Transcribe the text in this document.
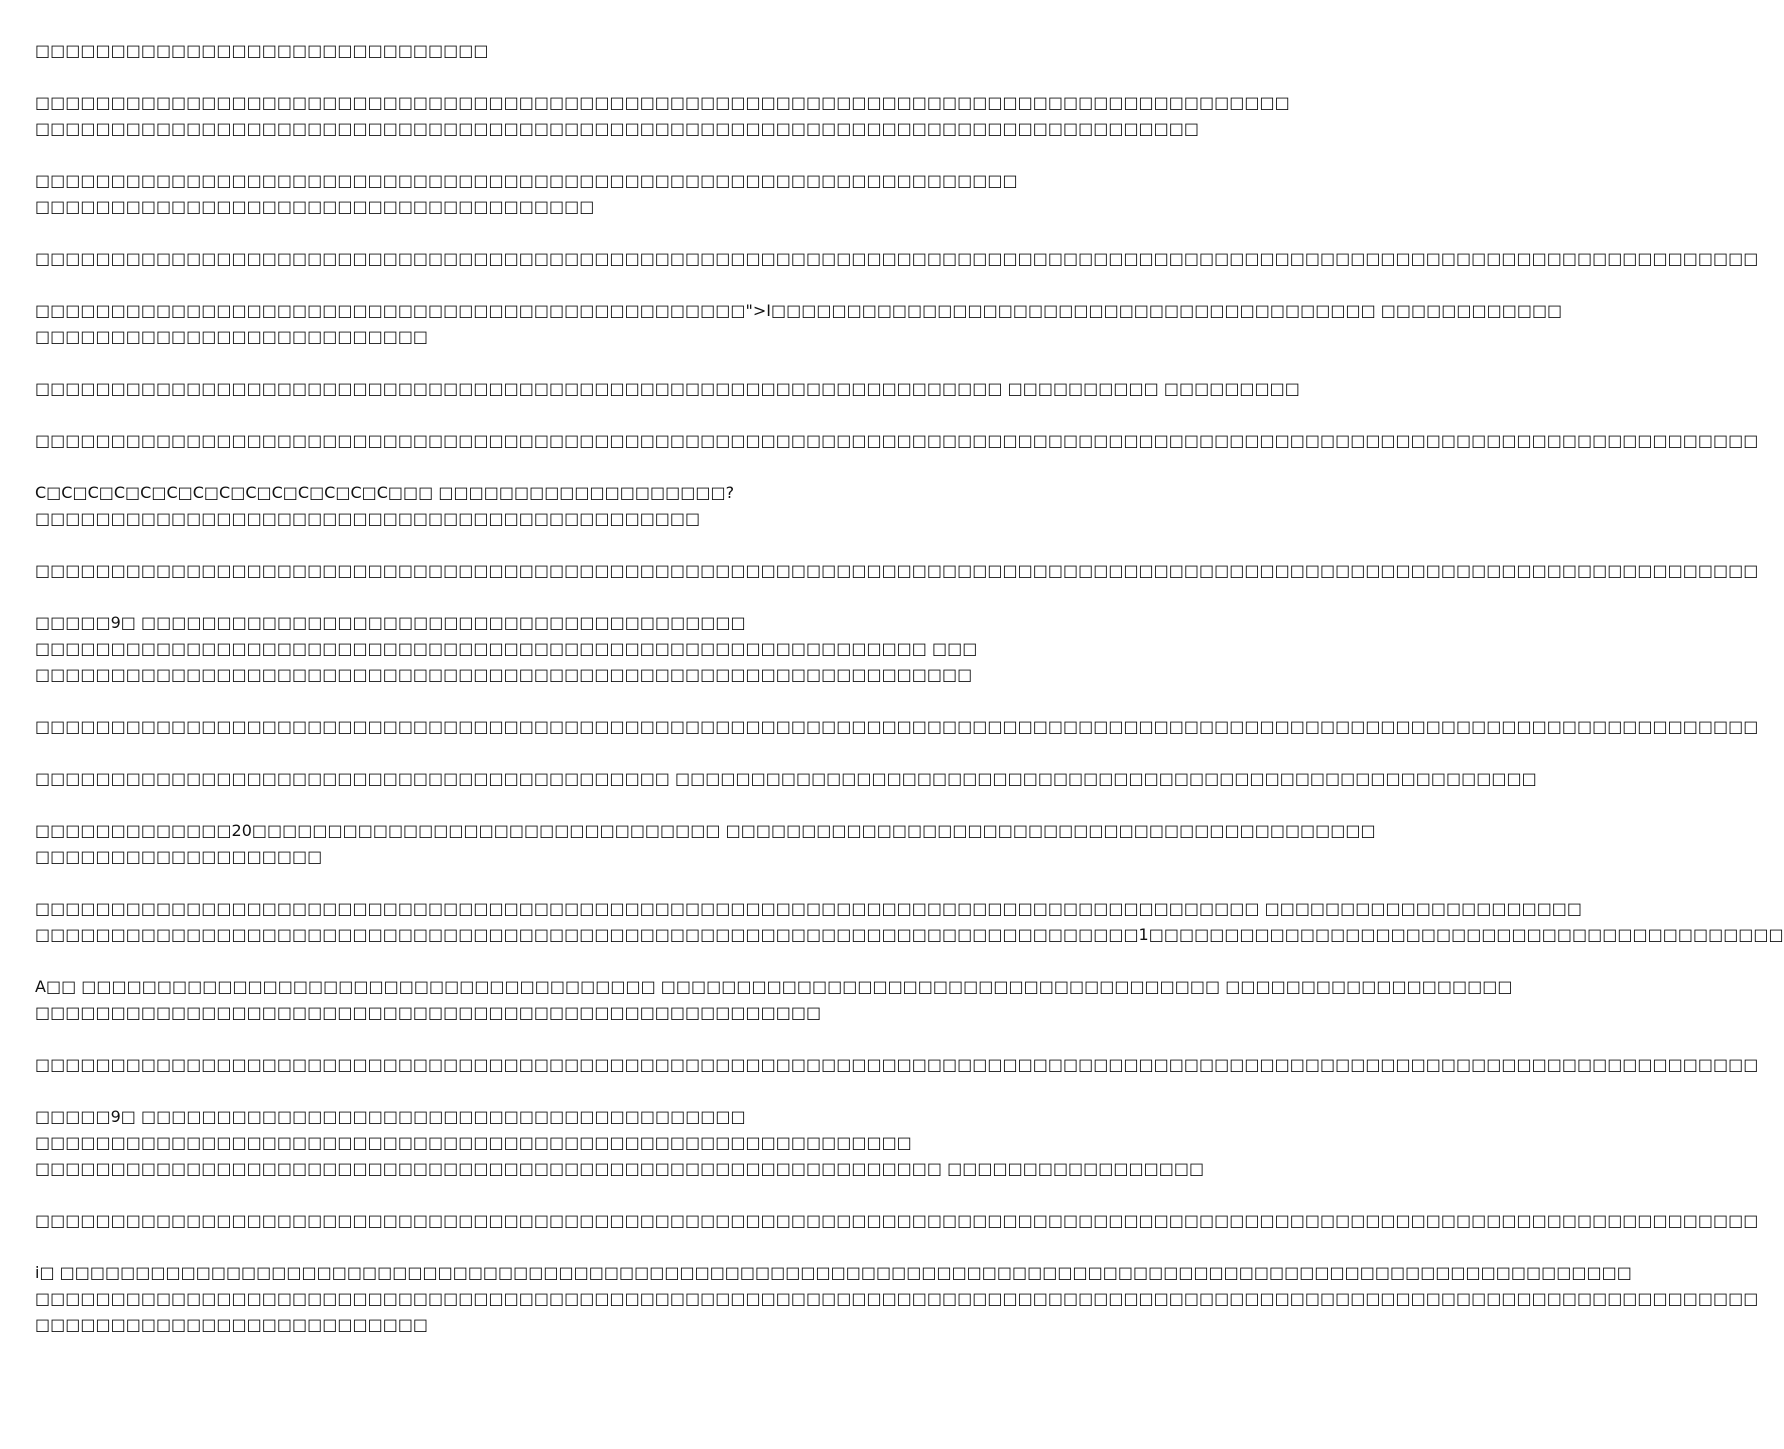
□□□□□□□□□□□□□□□□□□□□□□□□□□□□□□
□□□□□□□□□□□□□□□□□□□□□□□□□□□□□□□□□□□□□□□□□□□□□□□□□□□□□□□□□□□□□□□□□□□□□□□□□□□□□□□□□□□
□□□□□□□□□□□□□□□□□□□□□□□□□□□□□□□□□□□□□□□□□□□□□□□□□□□□□□□□□□□□□□□□□□□□□□□□□□□□□
□□□□□□□□□□□□□□□□□□□□□□□□□□□□□□□□□□□□□□□□□□□□□□□□□□□□□□□□□□□□□□□□□
□□□□□□□□□□□□□□□□□□□□□□□□□□□□□□□□□□□□□
□□□□□□□□□□□□□□□□□□□□□□□□□□□□□□□□□□□□□□□□□□□□□□□□□□□□□□□□□□□□□□□□□□□□□□□□□□□□□□□□□□□□□□□□□□□□□□□□□□□□□□□□□□□□□□□□□□
□□□□□□□□□□□□□□□□□□□□□□□□□□□□□□□□□□□□□□□□□□□□□□□">I□□□□□□□□□□□□□□□□□□□□□□□□□□□□□□□□□□□□□□□□ □□□□□□□□□□□□
□□□□□□□□□□□□□□□□□□□□□□□□□□
□□□□□□□□□□□□□□□□□□□□□□□□□□□□□□□□□□□□□□□□□□□□□□□□□□□□□□□□□□□□□□□□ □□□□□□□□□□ □□□□□□□□□
□□□□□□□□□□□□□□□□□□□□□□□□□□□□□□□□□□□□□□□□□□□□□□□□□□□□□□□□□□□□□□□□□□□□□□□□□□□□□□□□□□□□□□□□□□□□□□□□□□□□□□□□□□□□□□□□□□
C□C□C□C□C□C□C□C□C□C□C□C□C□C□□□ □□□□□□□□□□□□□□□□□□□?
□□□□□□□□□□□□□□□□□□□□□□□□□□□□□□□□□□□□□□□□□□□□
□□□□□□□□□□□□□□□□□□□□□□□□□□□□□□□□□□□□□□□□□□□□□□□□□□□□□□□□□□□□□□□□□□□□□□□□□□□□□□□□□□□□□□□□□□□□□□□□□□□□□□□□□□□□□□□□□□
□□□□□9□ □□□□□□□□□□□□□□□□□□□□□□□□□□□□□□□□□□□□□□□□
□□□□□□□□□□□□□□□□□□□□□□□□□□□□□□□□□□□□□□□□□□□□□□□□□□□□□□□□□□□ □□□
□□□□□□□□□□□□□□□□□□□□□□□□□□□□□□□□□□□□□□□□□□□□□□□□□□□□□□□□□□□□□□
□□□□□□□□□□□□□□□□□□□□□□□□□□□□□□□□□□□□□□□□□□□□□□□□□□□□□□□□□□□□□□□□□□□□□□□□□□□□□□□□□□□□□□□□□□□□□□□□□□□□□□□□□□□□□□□□□□
□□□□□□□□□□□□□□□□□□□□□□□□□□□□□□□□□□□□□□□□□□ □□□□□□□□□□□□□□□□□□□□□□□□□□□□□□□□□□□□□□□□□□□□□□□□□□□□□□□□□
□□□□□□□□□□□□□20□□□□□□□□□□□□□□□□□□□□□□□□□□□□□□□ □□□□□□□□□□□□□□□□□□□□□□□□□□□□□□□□□□□□□□□□□□□
□□□□□□□□□□□□□□□□□□□
□□□□□□□□□□□□□□□□□□□□□□□□□□□□□□□□□□□□□□□□□□□□□□□□□□□□□□□□□□□□□□□□□□□□□□□□□□□□□□□□□ □□□□□□□□□□□□□□□□□□□□□
□□□□□□□□□□□□□□□□□□□□□□□□□□□□□□□□□□□□□□□□□□□□□□□□□□□□□□□□□□□□□□□□□□□□□□□□□1□□□□□□□□□□□□□□□□□□□□□□□□□□□□□□□□□□□□□□□□□□
A□□ □□□□□□□□□□□□□□□□□□□□□□□□□□□□□□□□□□□□□□ □□□□□□□□□□□□□□□□□□□□□□□□□□□□□□□□□□□□□ □□□□□□□□□□□□□□□□□□□
□□□□□□□□□□□□□□□□□□□□□□□□□□□□□□□□□□□□□□□□□□□□□□□□□□□□
□□□□□□□□□□□□□□□□□□□□□□□□□□□□□□□□□□□□□□□□□□□□□□□□□□□□□□□□□□□□□□□□□□□□□□□□□□□□□□□□□□□□□□□□□□□□□□□□□□□□□□□□□□□□□□□□□□
□□□□□9□ □□□□□□□□□□□□□□□□□□□□□□□□□□□□□□□□□□□□□□□□
□□□□□□□□□□□□□□□□□□□□□□□□□□□□□□□□□□□□□□□□□□□□□□□□□□□□□□□□□□
□□□□□□□□□□□□□□□□□□□□□□□□□□□□□□□□□□□□□□□□□□□□□□□□□□□□□□□□□□□□ □□□□□□□□□□□□□□□□□
□□□□□□□□□□□□□□□□□□□□□□□□□□□□□□□□□□□□□□□□□□□□□□□□□□□□□□□□□□□□□□□□□□□□□□□□□□□□□□□□□□□□□□□□□□□□□□□□□□□□□□□□□□□□□□□□□□
i□ □□□□□□□□□□□□□□□□□□□□□□□□□□□□□□□□□□□□□□□□□□□□□□□□□□□□□□□□□□□□□□□□□□□□□□□□□□□□□□□□□□□□□□□□□□□□□□□□□□□□□□□□
□□□□□□□□□□□□□□□□□□□□□□□□□□□□□□□□□□□□□□□□□□□□□□□□□□□□□□□□□□□□□□□□□□□□□□□□□□□□□□□□□□□□□□□□□□□□□□□□□□□□□□□□□□□□□□□□□□
□□□□□□□□□□□□□□□□□□□□□□□□□□
